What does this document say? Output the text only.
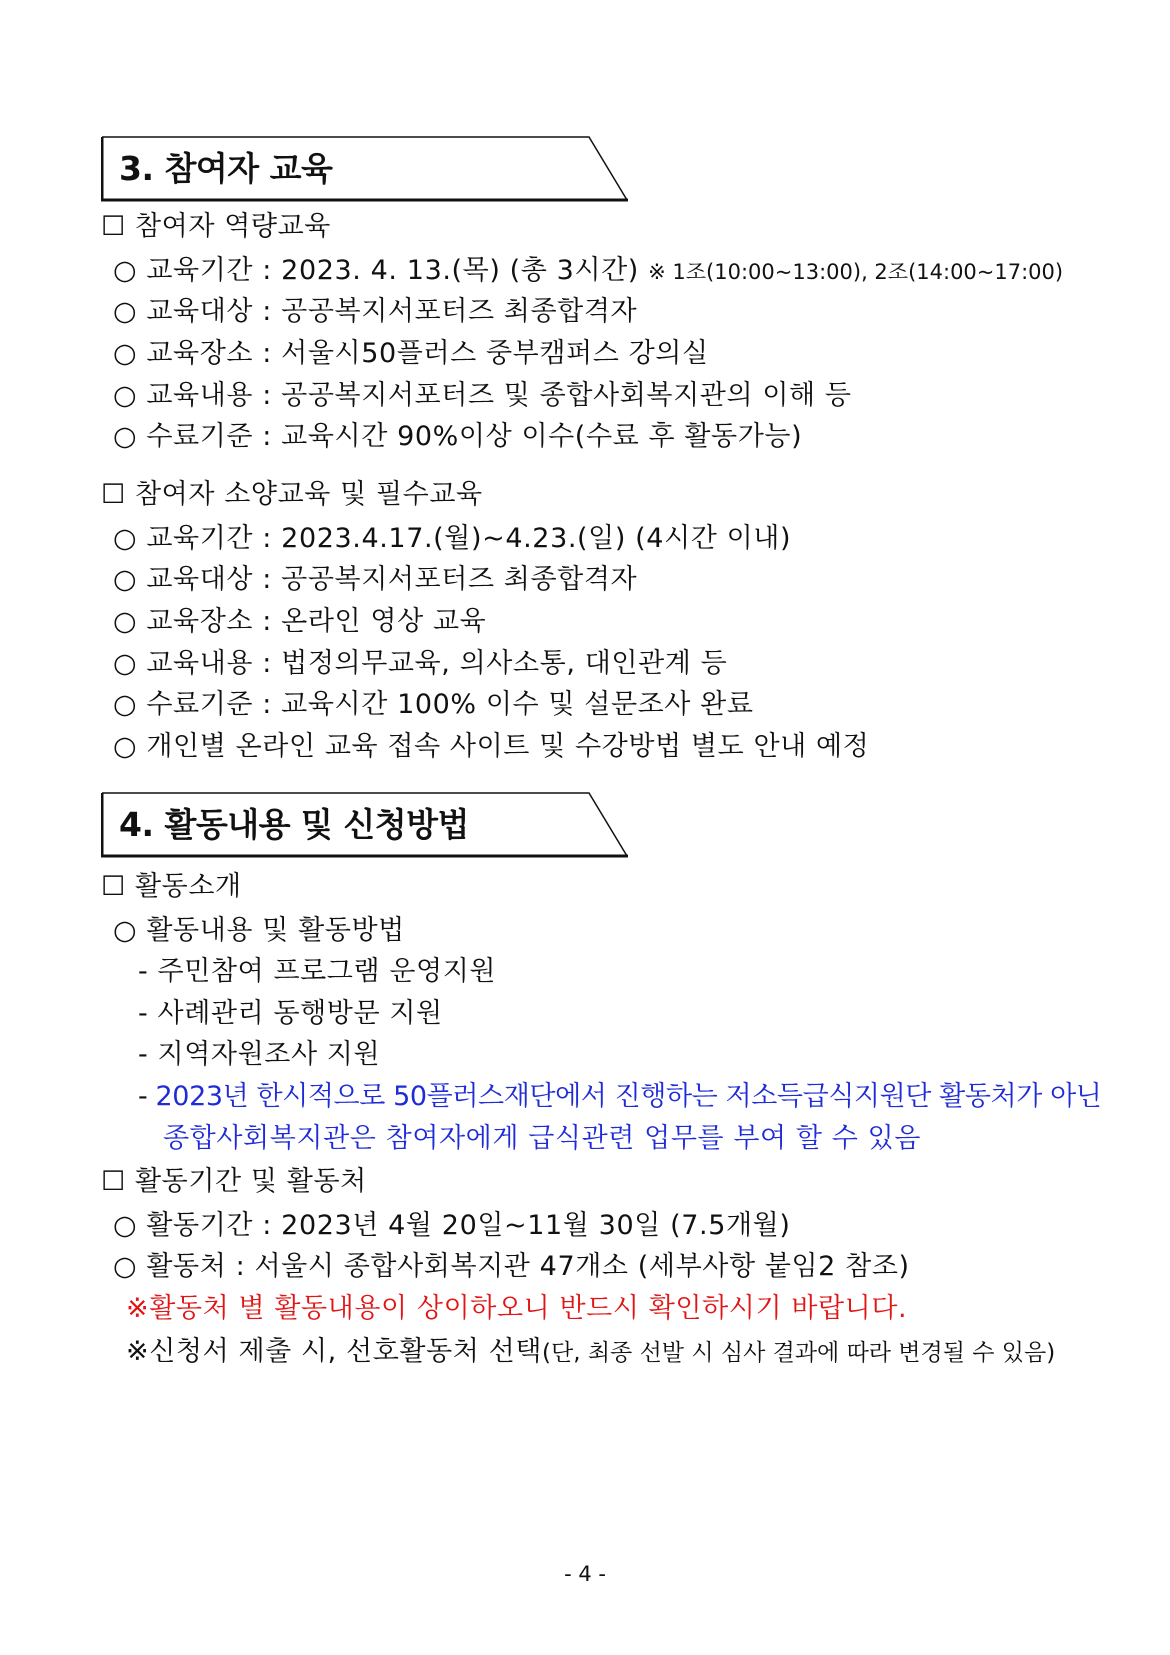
3. 참여자 교육
☐ 참여자 역량교육
○ 교육기간 : 2023. 4. 13.(목) (총 3시간) ※ 1조(10:00~13:00), 2조(14:00~17:00)
○ 교육대상 : 공공복지서포터즈 최종합격자
○ 교육장소 : 서울시50플러스 중부캠퍼스 강의실
○ 교육내용 : 공공복지서포터즈 및 종합사회복지관의 이해 등
○ 수료기준 : 교육시간 90%이상 이수(수료 후 활동가능)
☐ 참여자 소양교육 및 필수교육
○ 교육기간 : 2023.4.17.(월)~4.23.(일) (4시간 이내)
○ 교육대상 : 공공복지서포터즈 최종합격자
○ 교육장소 : 온라인 영상 교육
○ 교육내용 : 법정의무교육, 의사소통, 대인관계 등
○ 수료기준 : 교육시간 100% 이수 및 설문조사 완료
○ 개인별 온라인 교육 접속 사이트 및 수강방법 별도 안내 예정
4. 활동내용 및 신청방법
☐ 활동소개
○ 활동내용 및 활동방법
- 주민참여 프로그램 운영지원
- 사례관리 동행방문 지원
- 지역자원조사 지원
- 2023년 한시적으로 50플러스재단에서 진행하는 저소득급식지원단 활동처가 아닌
종합사회복지관은 참여자에게 급식관련 업무를 부여 할 수 있음
☐ 활동기간 및 활동처
○ 활동기간 : 2023년 4월 20일~11월 30일 (7.5개월)
○ 활동처 : 서울시 종합사회복지관 47개소 (세부사항 붙임2 참조)
※활동처 별 활동내용이 상이하오니 반드시 확인하시기 바랍니다.
※신청서 제출 시, 선호활동처 선택(단, 최종 선발 시 심사 결과에 따라 변경될 수 있음)
- 4 -
